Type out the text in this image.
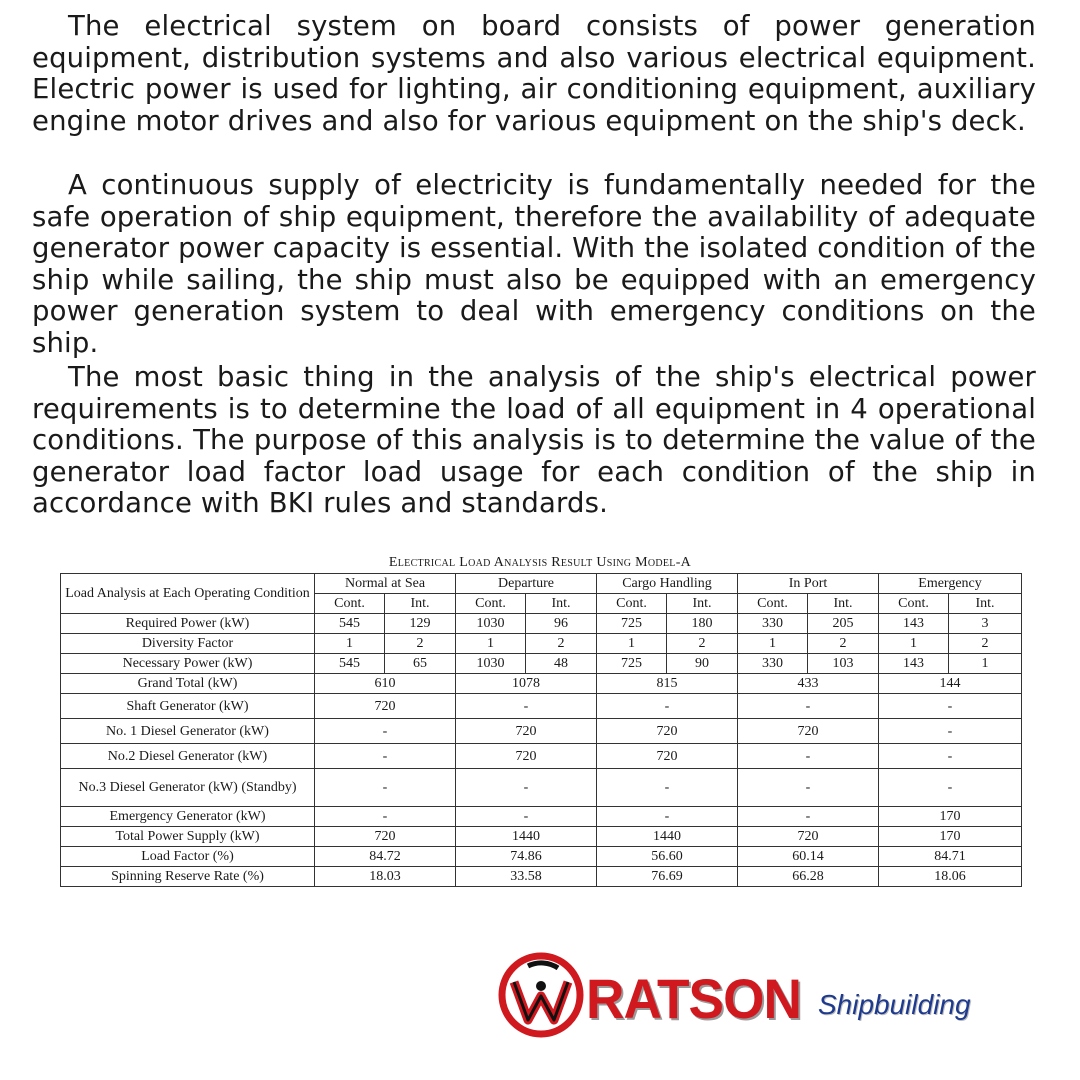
The electrical system on board consists of power generation equipment, distribution systems and also various electrical equipment. Electric power is used for lighting, air conditioning equipment, auxiliary engine motor drives and also for various equipment on the ship's deck.

A continuous supply of electricity is fundamentally needed for the safe operation of ship equipment, therefore the availability of adequate generator power capacity is essential. With the isolated condition of the ship while sailing, the ship must also be equipped with an emergency power generation system to deal with emergency conditions on the ship.

The most basic thing in the analysis of the ship's electrical power requirements is to determine the load of all equipment in 4 operational conditions. The purpose of this analysis is to determine the value of the generator load factor load usage for each condition of the ship in accordance with BKI rules and standards.

Electrical Load Analysis Result Using Model-A
Load Analysis at Each Operating Condition	Normal at Sea		Departure		Cargo Handling		In Port		Emergency	
	Cont.	Int.	Cont.	Int.	Cont.	Int.	Cont.	Int.	Cont.	Int.
Required Power (kW)	545	129	1030	96	725	180	330	205	143	3
Diversity Factor	1	2	1	2	1	2	1	2	1	2
Necessary Power (kW)	545	65	1030	48	725	90	330	103	143	1
Grand Total (kW)	610		1078		815		433		144	
Shaft Generator (kW)	720		-		-		-		-	
No. 1 Diesel Generator (kW)	-		720		720		720		-	
No.2 Diesel Generator (kW)	-		720		720		-		-	
No.3 Diesel Generator (kW) (Standby)	-		-		-		-		-	
Emergency Generator (kW)	-		-		-		-		170	
Total Power Supply (kW)	720		1440		1440		720		170	
Load Factor (%)	84.72		74.86		56.60		60.14		84.71	
Spinning Reserve Rate (%)	18.03		33.58		76.69		66.28		18.06	
RATSON Shipbuilding
